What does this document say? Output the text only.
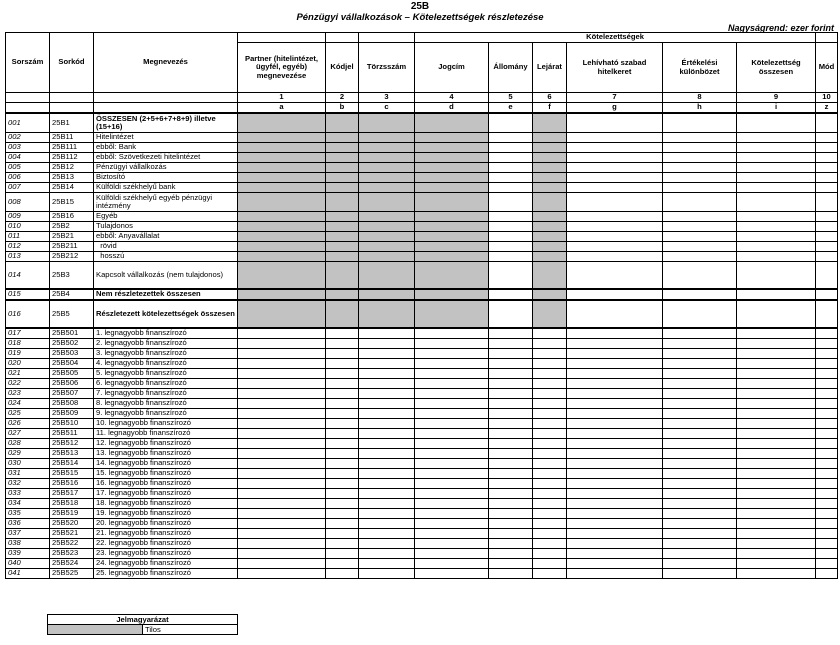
25B
Pénzügyi vállalkozások – Kötelezettségek részletezése
Nagyságrend: ezer forint
Sorszám	Sorkód	Megnevezés				Kötelezettségek						
			Partner (hitelintézet, ügyfél, egyéb) megnevezése	Kódjel	Törzsszám	Jogcím	Állomány	Lejárat	Lehívható szabad hitelkeret	Értékelési különbözet	Kötelezettség összesen	Mód
			1	2	3	4	5	6	7	8	9	10
			a	b	c	d	e	f	g	h	i	z
001	25B1	ÖSSZESEN (2+5+6+7+8+9) illetve (15+16)										
002	25B11	Hitelintézet										
003	25B111	ebből: Bank										
004	25B112	ebből: Szövetkezeti hitelintézet										
005	25B12	Pénzügyi vállalkozás										
006	25B13	Biztosító										
007	25B14	Külföldi székhelyű bank										
008	25B15	Külföldi székhelyű egyéb pénzügyi intézmény										
009	25B16	Egyéb										
010	25B2	Tulajdonos										
011	25B21	ebből: Anyavállalat										
012	25B211	rövid										
013	25B212	hosszú										
014	25B3	Kapcsolt vállalkozás (nem tulajdonos)										
015	25B4	Nem részletezettek összesen										
016	25B5	Részletezett kötelezettségek összesen										
017	25B501	1. legnagyobb finanszírozó										
018	25B502	2. legnagyobb finanszírozó										
019	25B503	3. legnagyobb finanszírozó										
020	25B504	4. legnagyobb finanszírozó										
021	25B505	5. legnagyobb finanszírozó										
022	25B506	6. legnagyobb finanszírozó										
023	25B507	7. legnagyobb finanszírozó										
024	25B508	8. legnagyobb finanszírozó										
025	25B509	9. legnagyobb finanszírozó										
026	25B510	10. legnagyobb finanszírozó										
027	25B511	11. legnagyobb finanszírozó										
028	25B512	12. legnagyobb finanszírozó										
029	25B513	13. legnagyobb finanszírozó										
030	25B514	14. legnagyobb finanszírozó										
031	25B515	15. legnagyobb finanszírozó										
032	25B516	16. legnagyobb finanszírozó										
033	25B517	17. legnagyobb finanszírozó										
034	25B518	18. legnagyobb finanszírozó										
035	25B519	19. legnagyobb finanszírozó										
036	25B520	20. legnagyobb finanszírozó										
037	25B521	21. legnagyobb finanszírozó										
038	25B522	22. legnagyobb finanszírozó										
039	25B523	23. legnagyobb finanszírozó										
040	25B524	24. legnagyobb finanszírozó										
041	25B525	25. legnagyobb finanszírozó										
Jelmagyarázat
	Tilos
